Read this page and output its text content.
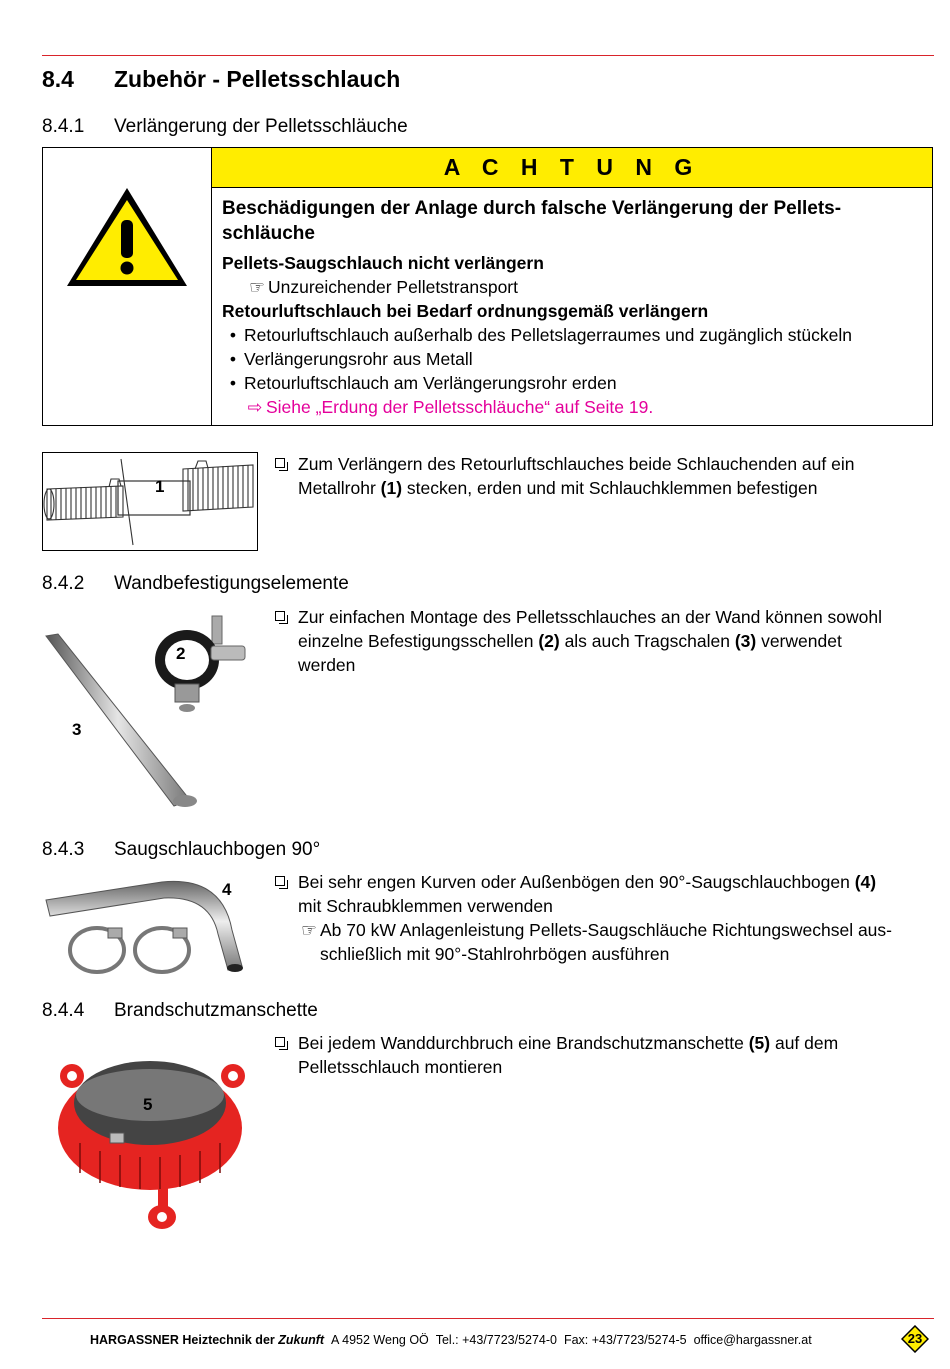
8.4 Zubehör - Pelletsschlauch
8.4.1 Verlängerung der Pelletsschläuche
A C H T U N G
Beschädigungen der Anlage durch falsche Verlängerung der Pellets-
schläuche
Pellets-Saugschlauch nicht verlängern
☞ Unzureichender Pelletstransport
Retourluftschlauch bei Bedarf ordnungsgemäß verlängern
• Retourluftschlauch außerhalb des Pelletslagerraumes und zugänglich stückeln
• Verlängerungsrohr aus Metall
• Retourluftschlauch am Verlängerungsrohr erden
⇨ Siehe „Erdung der Pelletsschläuche“ auf Seite 19.
1
Zum Verlängern des Retourluftschlauches beide Schlauchenden auf ein
Metallrohr (1) stecken, erden und mit Schlauchklemmen befestigen
8.4.2 Wandbefestigungselemente
2
3
Zur einfachen Montage des Pelletsschlauches an der Wand können sowohl
einzelne Befestigungsschellen (2) als auch Tragschalen (3) verwendet
werden
8.4.3 Saugschlauchbogen 90°
4	Bei sehr engen Kurven oder Außenbögen den 90°-Saugschlauchbogen (4)
mit Schraubklemmen verwenden
☞ Ab 70 kW Anlagenleistung Pellets-Saugschläuche Richtungswechsel aus-
schließlich mit 90°-Stahlrohrbögen ausführen
8.4.4 Brandschutzmanschette
5
Bei jedem Wanddurchbruch eine Brandschutzmanschette (5) auf dem
Pelletsschlauch montieren
HARGASSNER Heiztechnik der Zukunft A 4952 Weng OÖ Tel.: +43/7723/5274-0 Fax: +43/7723/5274-5 office@hargassner.at	23
